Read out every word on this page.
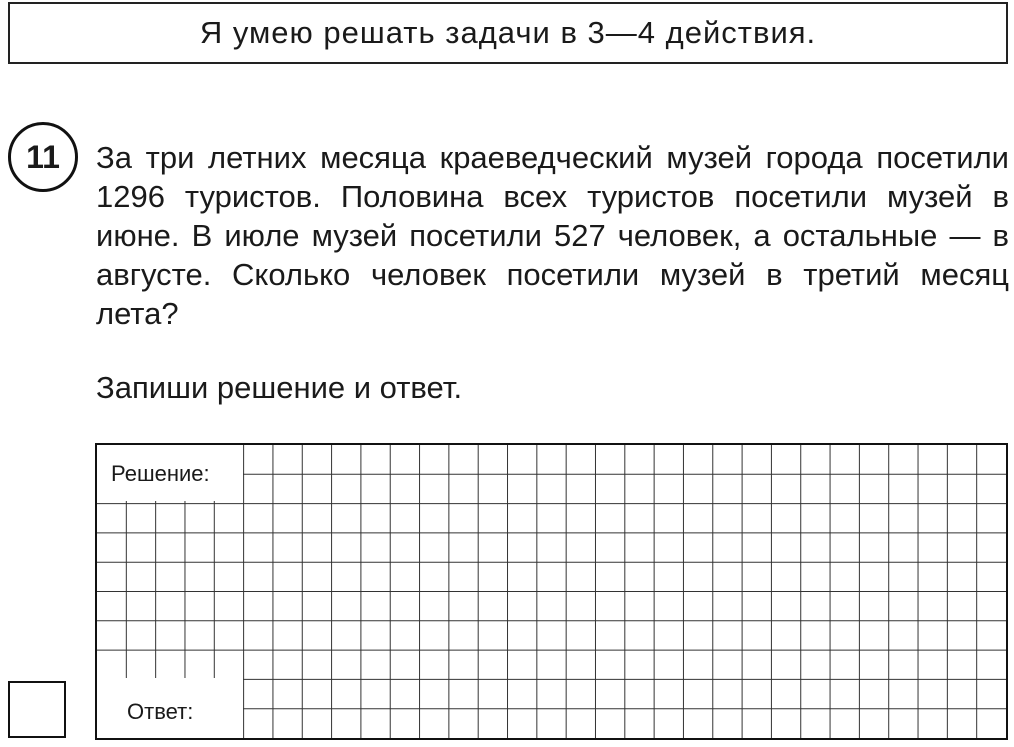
Я умею решать задачи в 3—4 действия.
11 За три летних месяца краеведческий музей города посетили 1296 туристов. Половина всех туристов посетили музей в июне. В июле музей посетили 527 человек, а остальные — в августе. Сколько человек посетили музей в третий месяц лета?

Запиши решение и ответ.

Решение:
Ответ:
